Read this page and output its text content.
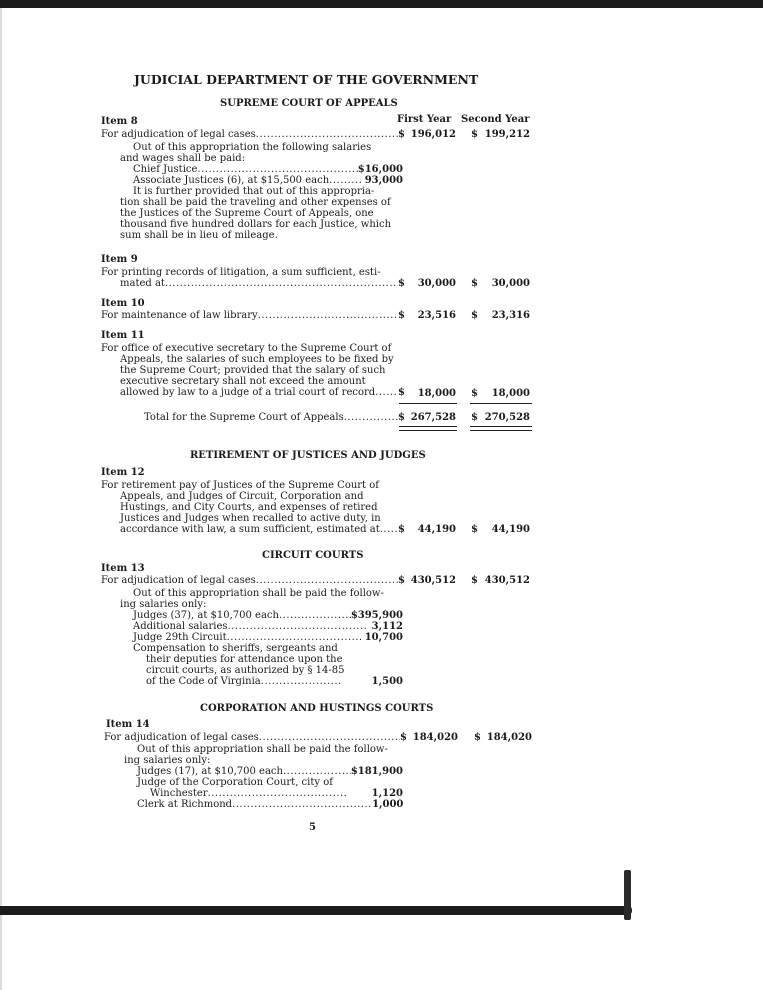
JUDICIAL DEPARTMENT OF THE GOVERNMENT
SUPREME COURT OF APPEALS
First Year Second Year
Item 8
For adjudication of legal cases .....	$ 196,012 $ 199,212
Out of this appropriation the following salaries
and wages shall be paid:
Chief Justice .....	$16,000
Associate Justices (6), at $15,500 each .....	93,000
It is further provided that out of this appropria-
tion shall be paid the traveling and other expenses of
the Justices of the Supreme Court of Appeals, one
thousand five hundred dollars for each Justice, which
sum shall be in lieu of mileage.
Item 9
For printing records of litigation, a sum sufficient, esti-
mated at .....	$	30,000 $	30,000
Item 10
For maintenance of law library .....	$	23,516 $	23,316
Item 11
For office of executive secretary to the Supreme Court of
Appeals, the salaries of such employees to be fixed by
the Supreme Court; provided that the salary of such
executive secretary shall not exceed the amount
allowed by law to a judge of a trial court of record ..... $	18,000 $	18,000
Total for the Supreme Court of Appeals .....	$ 267,528 $ 270,528
RETIREMENT OF JUSTICES AND JUDGES
Item 12
For retirement pay of Justices of the Supreme Court of
Appeals, and Judges of Circuit, Corporation and
Hustings, and City Courts, and expenses of retired
Justices and Judges when recalled to active duty, in
accordance with law, a sum sufficient, estimated at ..... $	44,190 $	44,190
CIRCUIT COURTS
Item 13
For adjudication of legal cases .....	$ 430,512 $ 430,512
Out of this appropriation shall be paid the follow-
ing salaries only:
Judges (37), at $10,700 each .....	$395,900
Additional salaries .....	3,112
Judge 29th Circuit .....	10,700
Compensation to sheriffs, sergeants and
their deputies for attendance upon the
circuit courts, as authorized by § 14-85
of the Code of Virginia .....	1,500
CORPORATION AND HUSTINGS COURTS
Item 14
For adjudication of legal cases .....	$ 184,020 $ 184,020
Out of this appropriation shall be paid the follow-
ing salaries only:
Judges (17), at $10,700 each .....	$181,900
Judge of the Corporation Court, city of
Winchester .....	1,120
Clerk at Richmond .....	1,000
5
